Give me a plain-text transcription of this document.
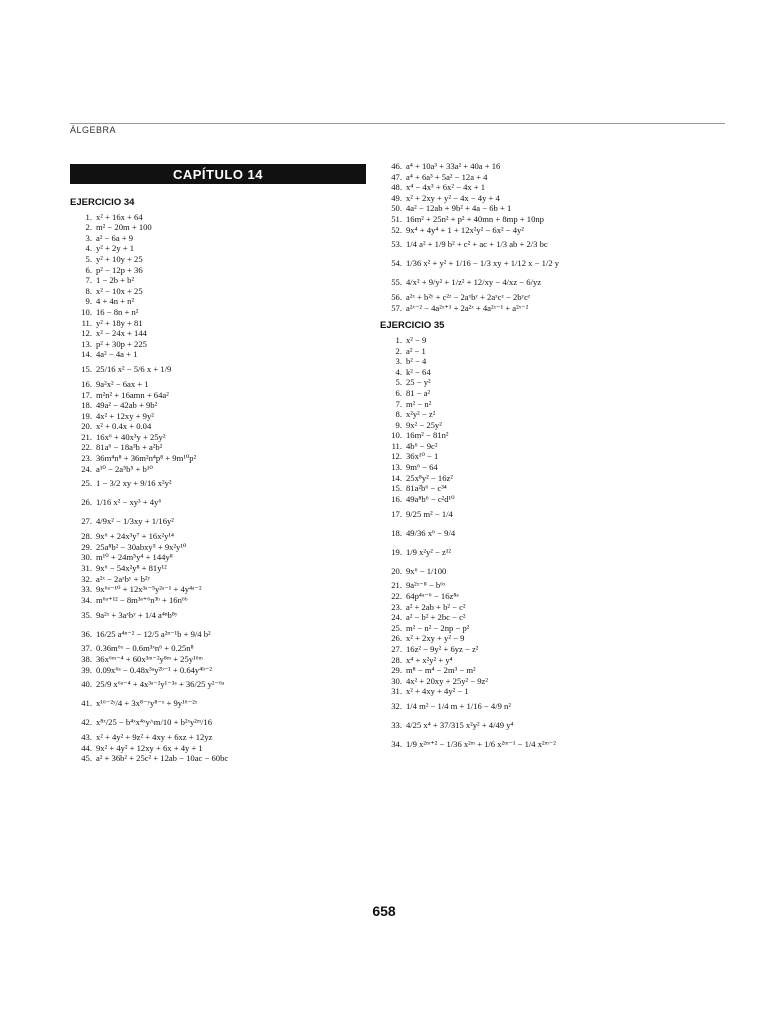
ÁLGEBRA
CAPÍTULO 14
EJERCICIO 34
1. x² + 16x + 64
2. m² − 20m + 100
3. a² − 6a + 9
4. y² + 2y + 1
5. y² + 10y + 25
6. p² − 12p + 36
7. 1 − 2b + b²
8. x² − 10x + 25
9. 4 + 4n + n²
10. 16 − 8n + n²
11. y² + 18y + 81
12. x² − 24x + 144
13. p² + 30p + 225
14. 4a² − 4a + 1
15. 25/16 x² − 5/6 x + 1/9
16. 9a²x² − 6ax + 1
17. m²n² + 16amn + 64a²
18. 49a² − 42ab + 9b²
19. 4x² + 12xy + 9y²
20. x² + 0.4x + 0.04
21. 16x⁶ + 40x³y + 25y²
22. 81a⁶ − 18a³b + a²b²
23. 36m⁴n⁸ + 36m²n⁴p⁸ + 9m¹⁰p²
24. a¹⁰ − 2a⁵b⁵ + b¹⁰
25. 1 − 3/2 xy + 9/16 x²y²
26. 1/16 x² − xy³ + 4y⁶
27. 4/9x² − 1/3xy + 1/16y²
28. 9x⁶ + 24x³y⁷ + 16x²y¹⁴
29. 25a⁸b² − 30abxy⁵ + 9x²y¹⁰
30. m¹⁰ + 24m⁵y⁴ + 144y⁸
31. 9x⁶ − 54x²y⁸ + 81y¹²
32. a²ˣ − 2aˣbʸ + b²ʸ
33. 9x⁶ᵃ⁻¹⁰ + 12x³ᵃ⁻⁵y²ᵃ⁻¹ + 4y⁴ᵃ⁻²
34. m⁶ᵃ⁺¹² − 8m³ᵃ⁺⁶n³ᵇ + 16n⁶ᵇ
35. 9a²ˣ + 3aˣbʸ + 1/4 a⁴ⁿb⁸ʸ
36. 16/25 a⁴ⁿ⁻² − 12/5 a²ⁿ⁻¹b + 9/4 b²
37. 0.36m⁶ˣ − 0.6m³ˣn⁶ + 0.25n⁸
38. 36x⁶ᵐ⁻⁴ + 60x³ᵐ⁻²y⁸ᵐ + 25y¹⁶ᵐ
39. 0.09x⁶ᵃ − 0.48x³ᵃy²ᵇ⁻¹ + 0.64y⁴ᵇ⁻²
40. 25/9 x⁶ᵃ⁻⁴ + 4x³ᵃ⁻²y¹⁻³ᵃ + 36/25 y²⁻⁶ᵃ
41. x¹⁶⁻²ʸ/4 + 3x⁸⁻ʸy⁸⁻ˣ + 9y¹⁶⁻²ˣ
42. x⁸ˣ/25 − b⁴ˣx⁴ˣy^m/10 + b²ˣy²ᵐ/16
43. x² + 4y² + 9z² + 4xy + 6xz + 12yz
44. 9x² + 4y² + 12xy + 6x + 4y + 1
45. a² + 36b² + 25c² + 12ab − 10ac − 60bc
46. a⁴ + 10a³ + 33a² + 40a + 16
47. a⁴ + 6a³ + 5a² − 12a + 4
48. x⁴ − 4x³ + 6x² − 4x + 1
49. x² + 2xy + y² − 4x − 4y + 4
50. 4a² − 12ab + 9b² + 4a − 6b + 1
51. 16m² + 25n² + p² + 40mn + 8mp + 10np
52. 9x⁴ + 4y⁴ + 1 + 12x²y² − 6x² − 4y²
53. 1/4 a² + 1/9 b² + c² + ac + 1/3 ab + 2/3 bc
54. 1/36 x² + y² + 1/16 − 1/3 xy + 1/12 x − 1/2 y
55. 4/x² + 9/y² + 1/z² + 12/xy − 4/xz − 6/yz
56. a²ˣ + b²ʸ + c²ᶻ − 2aˣbʸ + 2aˣcᶻ − 2bʸcᶻ
57. a²ˣ⁻² − 4a²ˣ⁺¹ + 2a²ˣ + 4a²ˣ⁻¹ + a²ˣ⁻²
EJERCICIO 35
1. x² − 9
2. a² − 1
3. b² − 4
4. k² − 64
5. 25 − y²
6. 81 − a²
7. m² − n²
8. x²y² − z²
9. 9x² − 25y²
10. 16m² − 81n²
11. 4b⁶ − 9c²
12. 36x¹⁰ − 1
13. 9m⁶ − 64
14. 25x⁸y² − 16z²
15. 81a²b⁶ − c³⁴
16. 49a⁸b⁶ − c²d¹⁰
17. 9/25 m² − 1/4
18. 49/36 x⁶ − 9/4
19. 1/9 x²y² − z¹²
20. 9x⁶ − 1/100
21. 9a²ˣ⁻⁸ − b⁶ˣ
22. 64p⁴ᵃ⁻⁶ − 16z⁸ᵃ
23. a² + 2ab + b² − c²
24. a² − b² + 2bc − c²
25. m² − n² − 2np − p²
26. x² + 2xy + y² − 9
27. 16z² − 9y² + 6yz − z²
28. x⁴ + x²y² + y⁴
29. m⁸ − m⁴ − 2m³ − m²
30. 4x² + 20xy + 25y² − 9z²
31. x² + 4xy + 4y² − 1
32. 1/4 m² − 1/4 m + 1/16 − 4/9 n²
33. 4/25 x⁴ + 37/315 x²y² + 4/49 y⁴
34. 1/9 x²ᵐ⁺² − 1/36 x²ᵐ + 1/6 x²ᵐ⁻¹ − 1/4 x²ᵐ⁻²
658
